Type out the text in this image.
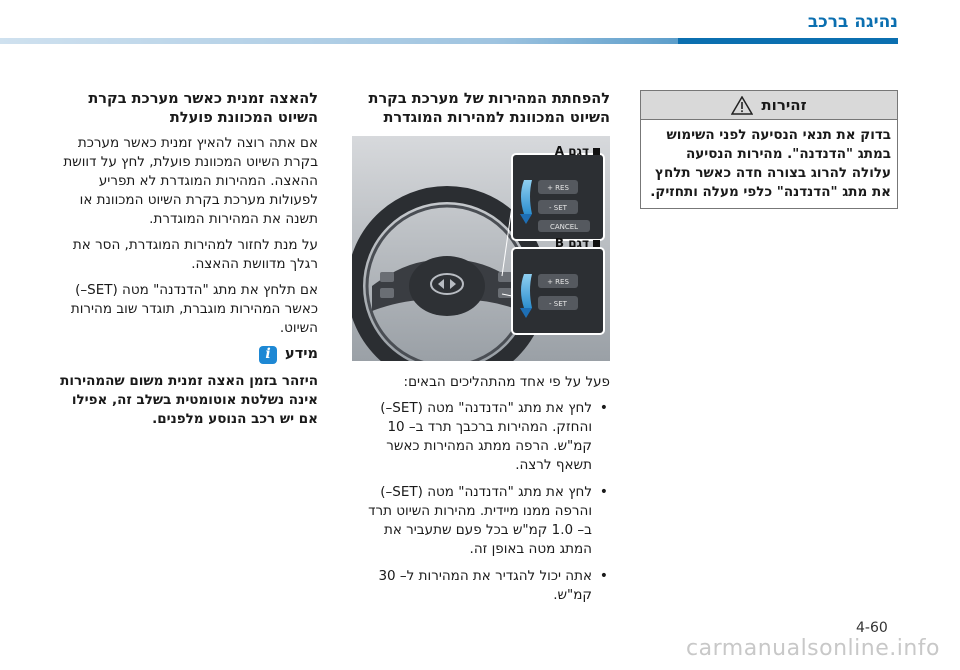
נהיגה ברכב
זהירות
בדוק את תנאי הנסיעה לפני השימוש במתג "הדנדנה". מהירות הנסיעה עלולה להרוג בצורה חדה כאשר תלחץ את מתג "הדנדנה" כלפי מעלה ותחזיק.
להפחתת המהירות של מערכת בקרת השיוט המכוונת למהירות המוגדרת
RES +
SET -
CANCEL
RES +
SET -
דגם A
דגם B

פעל על פי אחד מהתהליכים הבאים:

• לחץ את מתג "הדנדנה" מטה (SET–) והחזק. המהירות ברכבך תרד ב– 10 קמ"ש. הרפה ממתג המהירות כאשר תשאף לרצה.
• לחץ את מתג "הדנדנה" מטה (SET–) והרפה ממנו מיידית. מהירות השיוט תרד ב– 1.0 קמ"ש בכל פעם שתעביר את המתג מטה באופן זה.
• אתה יכול להגדיר את המהירות ל– 30 קמ"ש.
להאצה זמנית כאשר מערכת בקרת השיוט המכוונת פועלת

אם אתה רוצה להאיץ זמנית כאשר מערכת בקרת השיוט המכוונת פועלת, לחץ על דוושת ההאצה. המהירות המוגדרת לא תפריע לפעולות מערכת בקרת השיוט המכוונת או תשנה את המהירות המוגדרת.

על מנת לחזור למהירות המוגדרת, הסר את רגלך מדוושת ההאצה.

אם תלחץ את מתג "הדנדנה" מטה (SET–) כאשר המהירות מוגברת, תוגדר שוב מהירות השיוט.

מידע
i

היזהר בזמן האצה זמנית משום שהמהירות אינה נשלטת אוטומטית בשלב זה, אפילו אם יש רכב הנוסע מלפנים.

4-60
carmanualsonline.info
